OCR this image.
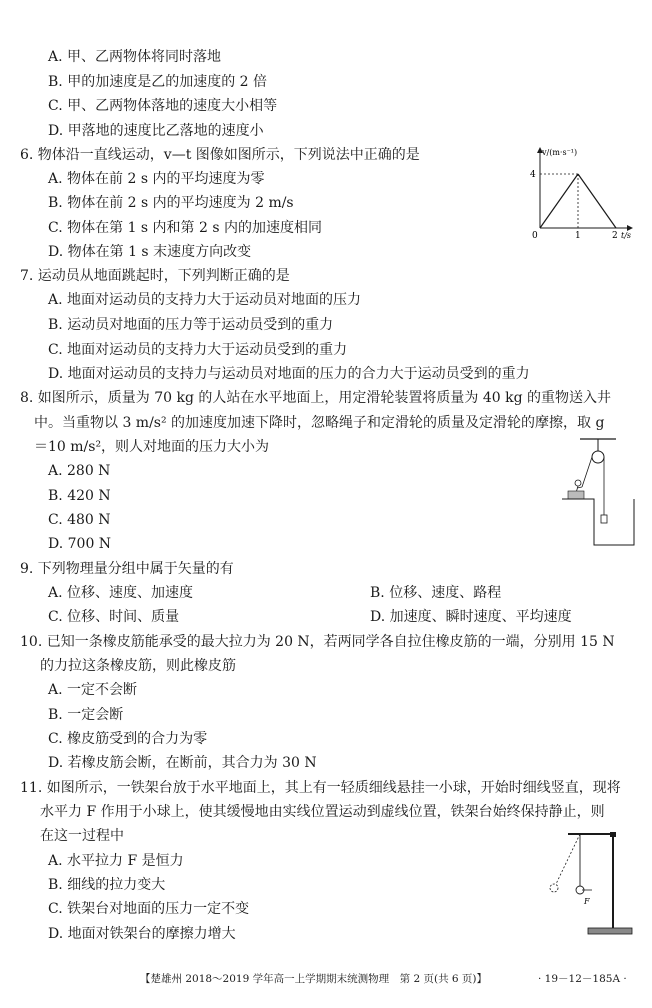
A. 甲、乙两物体将同时落地
B. 甲的加速度是乙的加速度的 2 倍
C. 甲、乙两物体落地的速度大小相等
D. 甲落地的速度比乙落地的速度小
6. 物体沿一直线运动，v—t 图像如图所示，下列说法中正确的是
A. 物体在前 2 s 内的平均速度为零
B. 物体在前 2 s 内的平均速度为 2 m/s
C. 物体在第 1 s 内和第 2 s 内的加速度相同
D. 物体在第 1 s 末速度方向改变
v/(m·s⁻¹)
4
0	1	2 t/s
7. 运动员从地面跳起时，下列判断正确的是
A. 地面对运动员的支持力大于运动员对地面的压力
B. 运动员对地面的压力等于运动员受到的重力
C. 地面对运动员的支持力大于运动员受到的重力
D. 地面对运动员的支持力与运动员对地面的压力的合力大于运动员受到的重力
8. 如图所示，质量为 70 kg 的人站在水平地面上，用定滑轮装置将质量为 40 kg 的重物送入井
中。当重物以 3 m/s² 的加速度加速下降时，忽略绳子和定滑轮的质量及定滑轮的摩擦，取 g
＝10 m/s²，则人对地面的压力大小为
A. 280 N
B. 420 N
C. 480 N
D. 700 N
9. 下列物理量分组中属于矢量的有
A. 位移、速度、加速度	B. 位移、速度、路程
C. 位移、时间、质量	D. 加速度、瞬时速度、平均速度
10. 已知一条橡皮筋能承受的最大拉力为 20 N，若两同学各自拉住橡皮筋的一端，分别用 15 N
的力拉这条橡皮筋，则此橡皮筋
A. 一定不会断
B. 一定会断
C. 橡皮筋受到的合力为零
D. 若橡皮筋会断，在断前，其合力为 30 N
11. 如图所示，一铁架台放于水平地面上，其上有一轻质细线悬挂一小球，开始时细线竖直，现将
水平力 F 作用于小球上，使其缓慢地由实线位置运动到虚线位置，铁架台始终保持静止，则
在这一过程中
A. 水平拉力 F 是恒力
B. 细线的拉力变大
C. 铁架台对地面的压力一定不变
D. 地面对铁架台的摩擦力增大
F
【楚雄州 2018～2019 学年高一上学期期末统测物理　第 2 页(共 6 页)】	· 19－12－185A ·
